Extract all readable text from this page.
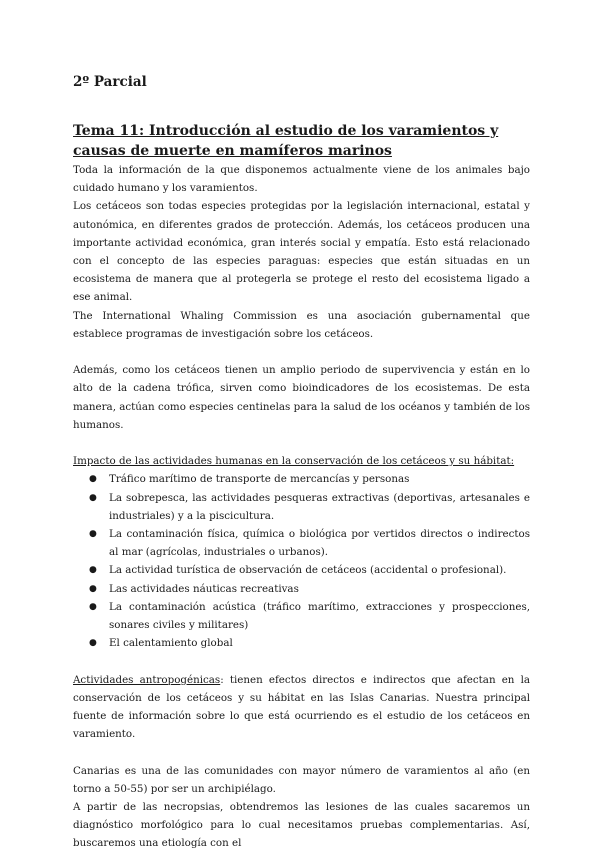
2º Parcial
Tema 11: Introducción al estudio de los varamientos y causas de muerte en mamíferos marinos

Toda la información de la que disponemos actualmente viene de los animales bajo cuidado humano y los varamientos.

Los cetáceos son todas especies protegidas por la legislación internacional, estatal y autonómica, en diferentes grados de protección. Además, los cetáceos producen una importante actividad económica, gran interés social y empatía. Esto está relacionado con el concepto de las especies paraguas: especies que están situadas en un ecosistema de manera que al protegerla se protege el resto del ecosistema ligado a ese animal.

The International Whaling Commission es una asociación gubernamental que establece programas de investigación sobre los cetáceos.

Además, como los cetáceos tienen un amplio periodo de supervivencia y están en lo alto de la cadena trófica, sirven como bioindicadores de los ecosistemas. De esta manera, actúan como especies centinelas para la salud de los océanos y también de los humanos.

Impacto de las actividades humanas en la conservación de los cetáceos y su hábitat:

● Tráfico marítimo de transporte de mercancías y personas
● La sobrepesca, las actividades pesqueras extractivas (deportivas, artesanales e industriales) y a la piscicultura.
● La contaminación física, química o biológica por vertidos directos o indirectos al mar (agrícolas, industriales o urbanos).
● La actividad turística de observación de cetáceos (accidental o profesional).
● Las actividades náuticas recreativas
● La contaminación acústica (tráfico marítimo, extracciones y prospecciones, sonares civiles y militares)
● El calentamiento global

Actividades antropogénicas: tienen efectos directos e indirectos que afectan en la conservación de los cetáceos y su hábitat en las Islas Canarias. Nuestra principal fuente de información sobre lo que está ocurriendo es el estudio de los cetáceos en varamiento.

Canarias es una de las comunidades con mayor número de varamientos al año (en torno a 50-55) por ser un archipiélago.

A partir de las necropsias, obtendremos las lesiones de las cuales sacaremos un diagnóstico morfológico para lo cual necesitamos pruebas complementarias. Así, buscaremos una etiología con el
